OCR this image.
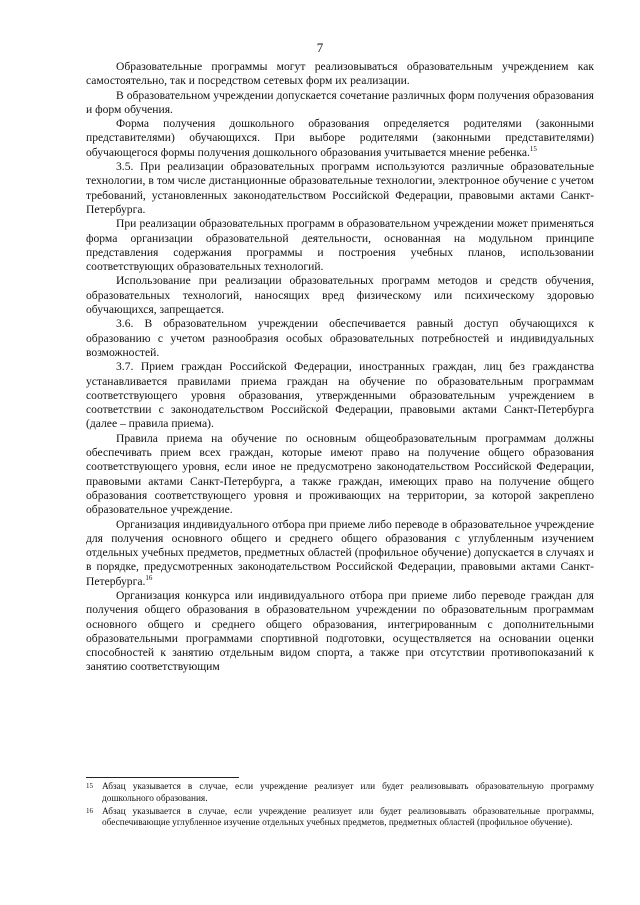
7

Образовательные программы могут реализовываться образовательным учреждением как самостоятельно, так и посредством сетевых форм их реализации.

В образовательном учреждении допускается сочетание различных форм получения образования и форм обучения.

Форма получения дошкольного образования определяется родителями (законными представителями) обучающихся. При выборе родителями (законными представителями) обучающегося формы получения дошкольного образования учитывается мнение ребенка.$^{15}$

3.5. При реализации образовательных программ используются различные образовательные технологии, в том числе дистанционные образовательные технологии, электронное обучение с учетом требований, установленных законодательством Российской Федерации, правовыми актами Санкт-Петербурга.

При реализации образовательных программ в образовательном учреждении может применяться форма организации образовательной деятельности, основанная на модульном принципе представления содержания программы и построения учебных планов, использовании соответствующих образовательных технологий.

Использование при реализации образовательных программ методов и средств обучения, образовательных технологий, наносящих вред физическому или психическому здоровью обучающихся, запрещается.

3.6. В образовательном учреждении обеспечивается равный доступ обучающихся к образованию с учетом разнообразия особых образовательных потребностей и индивидуальных возможностей.

3.7. Прием граждан Российской Федерации, иностранных граждан, лиц без гражданства устанавливается правилами приема граждан на обучение по образовательным программам соответствующего уровня образования, утвержденными образовательным учреждением в соответствии с законодательством Российской Федерации, правовыми актами Санкт-Петербурга (далее – правила приема).

Правила приема на обучение по основным общеобразовательным программам должны обеспечивать прием всех граждан, которые имеют право на получение общего образования соответствующего уровня, если иное не предусмотрено законодательством Российской Федерации, правовыми актами Санкт-Петербурга, а также граждан, имеющих право на получение общего образования соответствующего уровня и проживающих на территории, за которой закреплено образовательное учреждение.

Организация индивидуального отбора при приеме либо переводе в образовательное учреждение для получения основного общего и среднего общего образования с углубленным изучением отдельных учебных предметов, предметных областей (профильное обучение) допускается в случаях и в порядке, предусмотренных законодательством Российской Федерации, правовыми актами Санкт-Петербурга.$^{16}$

Организация конкурса или индивидуального отбора при приеме либо переводе граждан для получения общего образования в образовательном учреждении по образовательным программам основного общего и среднего общего образования, интегрированным с дополнительными образовательными программами спортивной подготовки, осуществляется на основании оценки способностей к занятию отдельным видом спорта, а также при отсутствии противопоказаний к занятию соответствующим

15 Абзац указывается в случае, если учреждение реализует или будет реализовывать образовательную программу дошкольного образования.
16 Абзац указывается в случае, если учреждение реализует или будет реализовывать образовательные программы, обеспечивающие углубленное изучение отдельных учебных предметов, предметных областей (профильное обучение).
